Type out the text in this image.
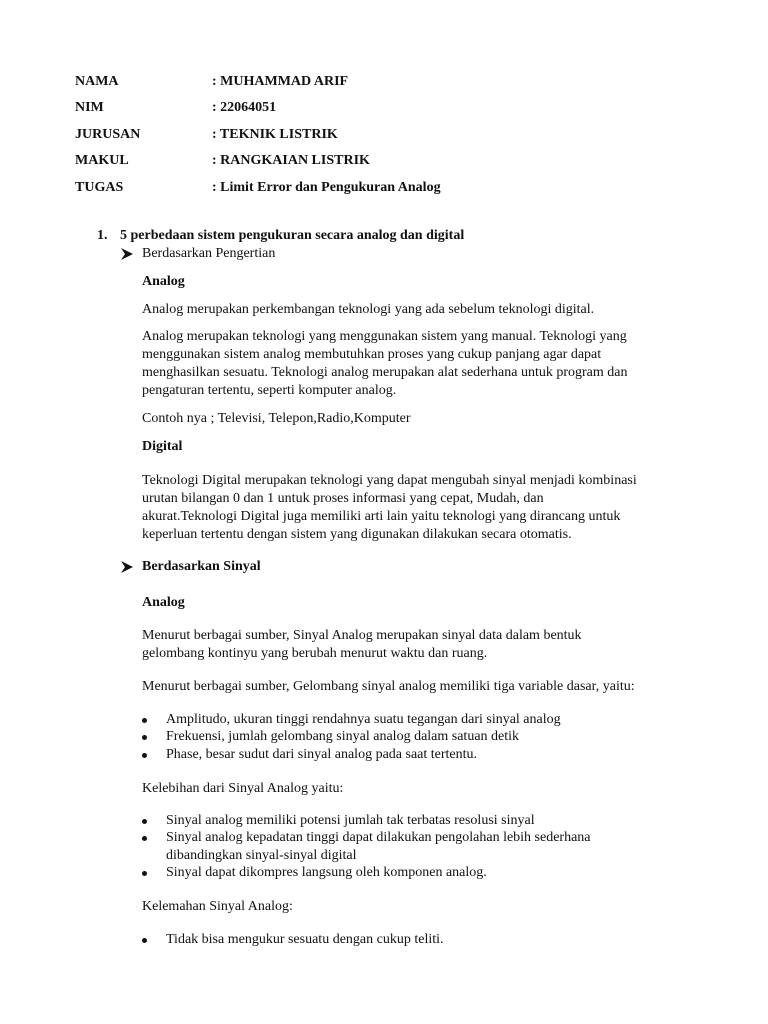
NAMA	: MUHAMMAD ARIF
NIM	: 22064051
JURUSAN	: TEKNIK LISTRIK
MAKUL	: RANGKAIAN LISTRIK
TUGAS	: Limit Error dan Pengukuran Analog
1. 5 perbedaan sistem pengukuran secara analog dan digital
Berdasarkan Pengertian
Analog
Analog merupakan perkembangan teknologi yang ada sebelum teknologi digital.

Analog merupakan teknologi yang menggunakan sistem yang manual. Teknologi yang

menggunakan sistem analog membutuhkan proses yang cukup panjang agar dapat

menghasilkan sesuatu. Teknologi analog merupakan alat sederhana untuk program dan

pengaturan tertentu, seperti komputer analog.

Contoh nya ; Televisi, Telepon,Radio,Komputer
Digital

Teknologi Digital merupakan teknologi yang dapat mengubah sinyal menjadi kombinasi

urutan bilangan 0 dan 1 untuk proses informasi yang cepat, Mudah, dan

akurat.Teknologi Digital juga memiliki arti lain yaitu teknologi yang dirancang untuk

keperluan tertentu dengan sistem yang digunakan dilakukan secara otomatis.

Berdasarkan Sinyal
Analog

Menurut berbagai sumber, Sinyal Analog merupakan sinyal data dalam bentuk

gelombang kontinyu yang berubah menurut waktu dan ruang.

Menurut berbagai sumber, Gelombang sinyal analog memiliki tiga variable dasar, yaitu:
Amplitudo, ukuran tinggi rendahnya suatu tegangan dari sinyal analog
Frekuensi, jumlah gelombang sinyal analog dalam satuan detik
Phase, besar sudut dari sinyal analog pada saat tertentu.
Kelebihan dari Sinyal Analog yaitu:
Sinyal analog memiliki potensi jumlah tak terbatas resolusi sinyal
Sinyal analog kepadatan tinggi dapat dilakukan pengolahan lebih sederhana
dibandingkan sinyal-sinyal digital
Sinyal dapat dikompres langsung oleh komponen analog.
Kelemahan Sinyal Analog:
Tidak bisa mengukur sesuatu dengan cukup teliti.
